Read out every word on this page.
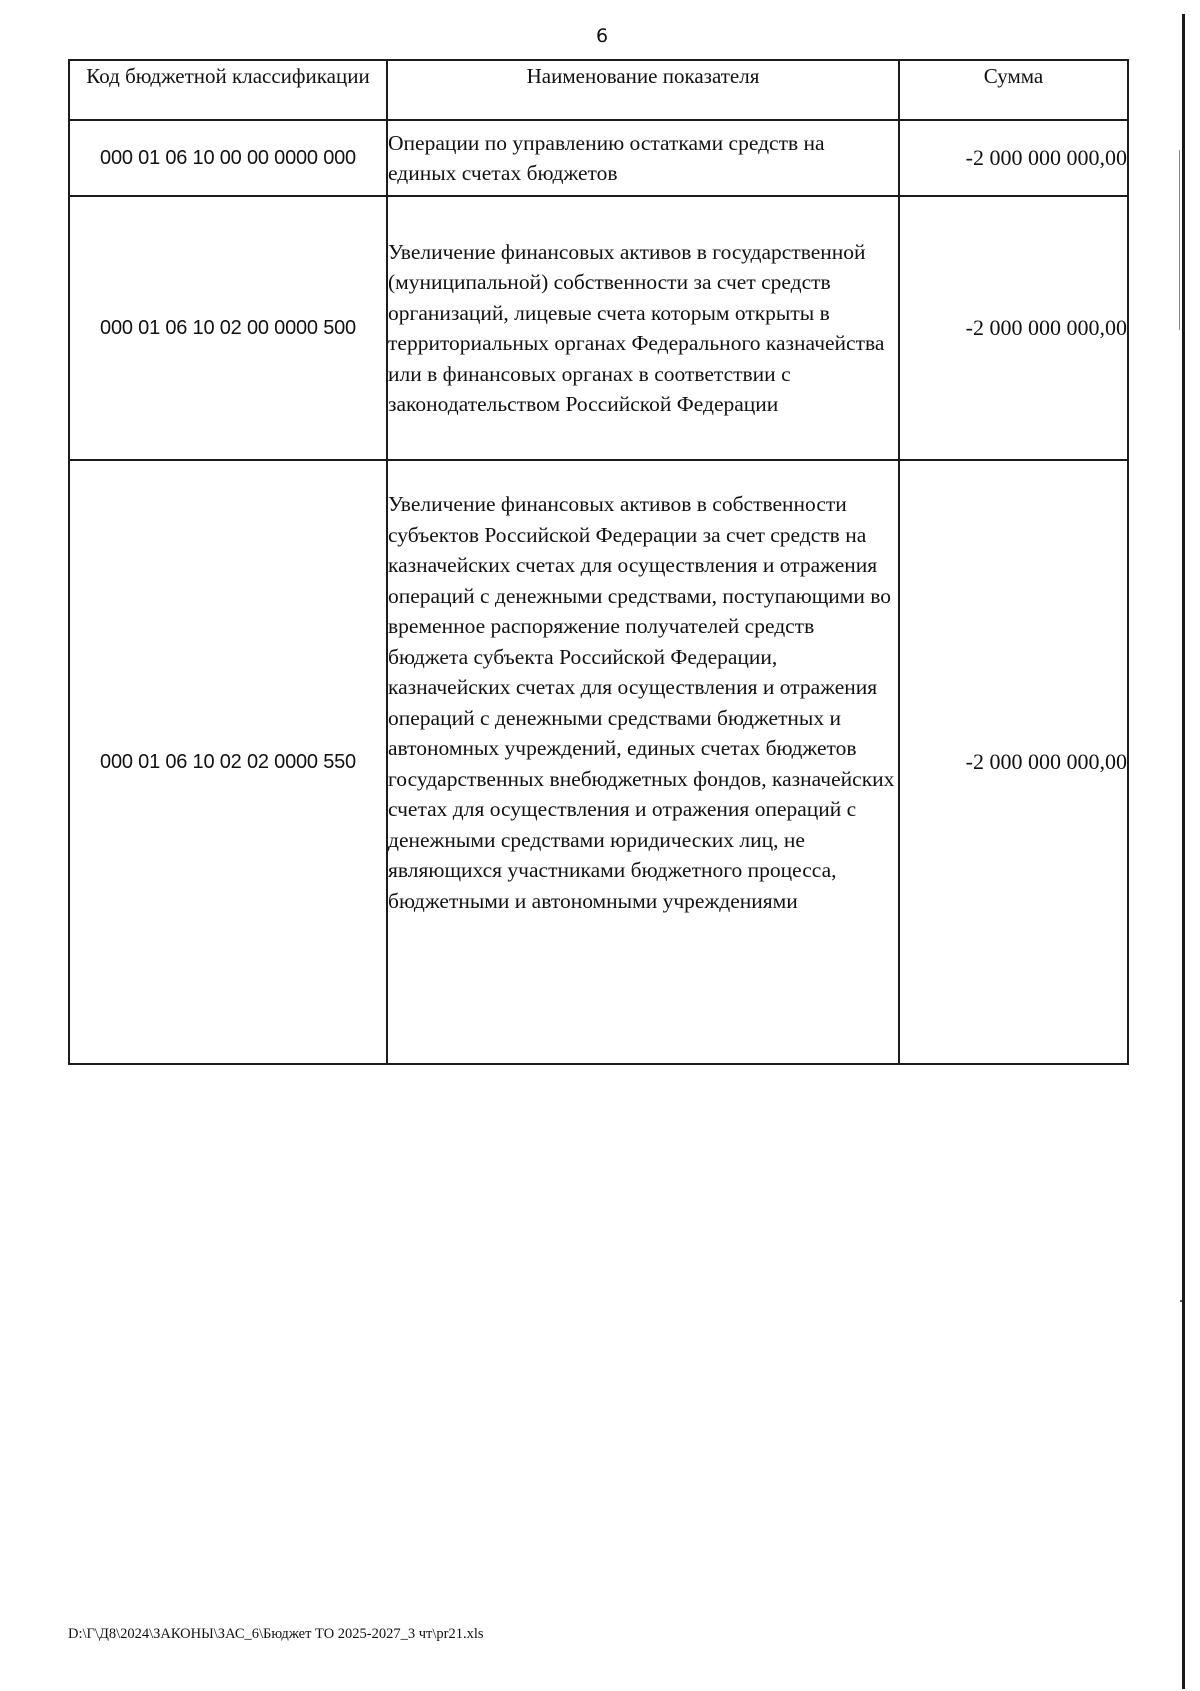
6
Код бюджетной классификации	Наименование показателя	Сумма
000 01 06 10 00 00 0000 000	Операции по управлению остатками средств на единых счетах бюджетов	-2 000 000 000,00
000 01 06 10 02 00 0000 500	Увеличение финансовых активов в государственной (муниципальной) собственности за счет средств организаций, лицевые счета которым открыты в территориальных органах Федерального казначейства или в финансовых органах в соответствии с законодательством Российской Федерации	-2 000 000 000,00
000 01 06 10 02 02 0000 550	Увеличение финансовых активов в собственности субъектов Российской Федерации за счет средств на казначейских счетах для осуществления и отражения операций с денежными средствами, поступающими во временное распоряжение получателей средств бюджета субъекта Российской Федерации, казначейских счетах для осуществления и отражения операций с денежными средствами бюджетных и автономных учреждений, единых счетах бюджетов государственных внебюджетных фондов, казначейских счетах для осуществления и отражения операций с денежными средствами юридических лиц, не являющихся участниками бюджетного процесса, бюджетными и автономными учреждениями	-2 000 000 000,00
D:\Г\Д8\2024\ЗАКОНЫ\ЗАС_6\Бюджет ТО 2025-2027_3 чт\pr21.xls
